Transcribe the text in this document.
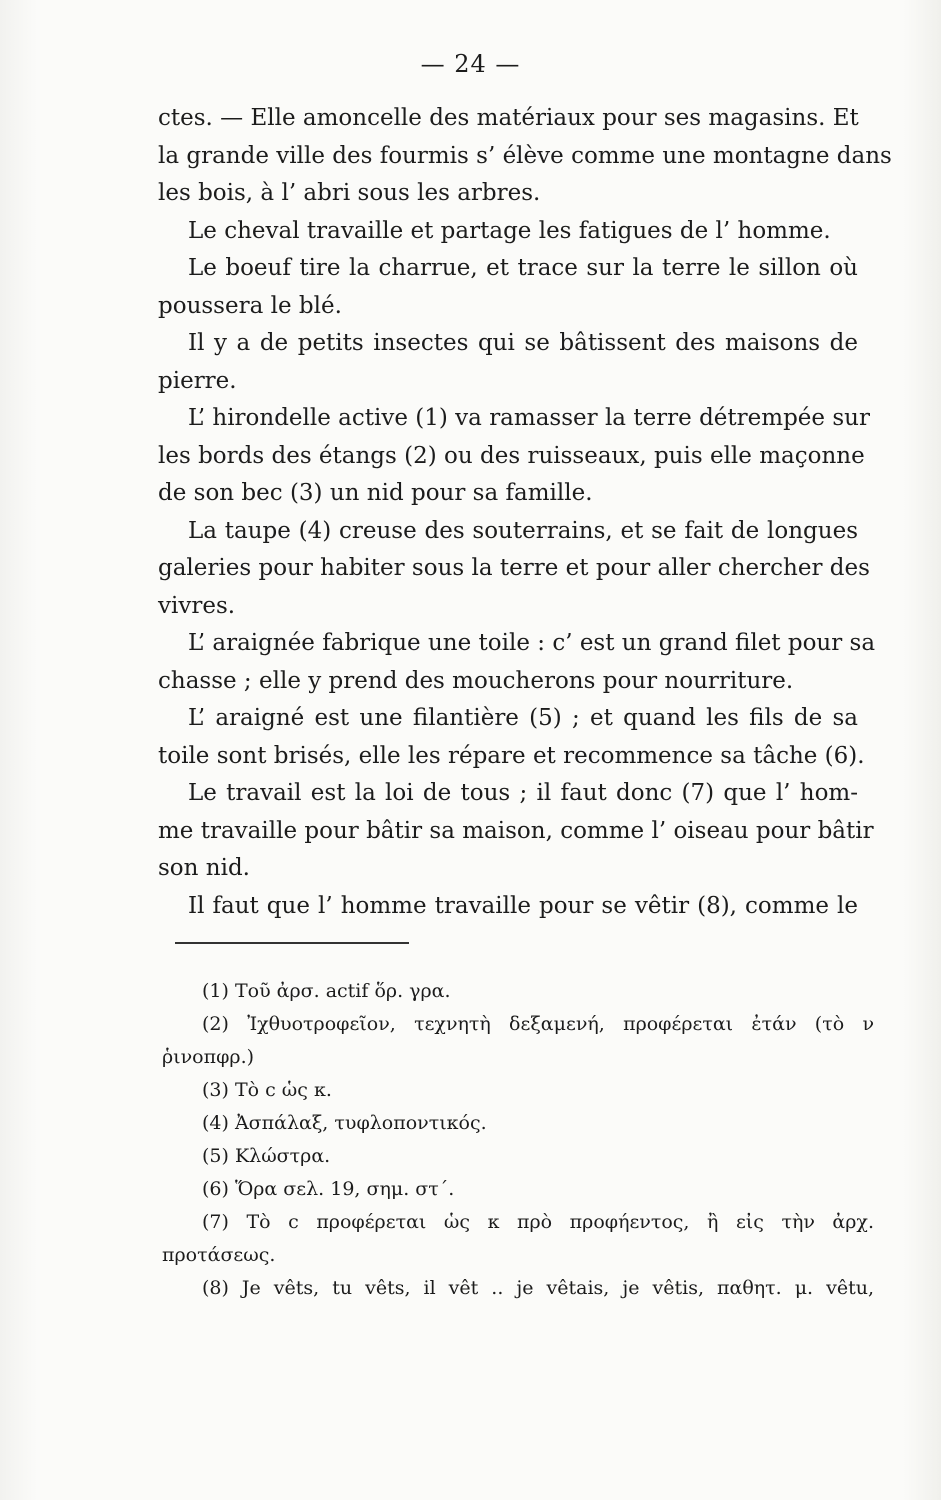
— 24 —
ctes. — Elle amoncelle des matériaux pour ses magasins. Et
la grande ville des fourmis s’ élève comme une montagne dans
les bois, à l’ abri sous les arbres.
Le cheval travaille et partage les fatigues de l’ homme.
Le boeuf tire la charrue, et trace sur la terre le sillon où
poussera le blé.
Il y a de petits insectes qui se bâtissent des maisons de
pierre.
L’ hirondelle active (1) va ramasser la terre détrempée sur
les bords des étangs (2) ou des ruisseaux, puis elle maçonne
de son bec (3) un nid pour sa famille.
La taupe (4) creuse des souterrains, et se fait de longues
galeries pour habiter sous la terre et pour aller chercher des
vivres.
L’ araignée fabrique une toile : c’ est un grand filet pour sa
chasse ; elle y prend des moucherons pour nourriture.
L’ araigné est une filantière (5) ; et quand les fils de sa
toile sont brisés, elle les répare et recommence sa tâche (6).
Le travail est la loi de tous ; il faut donc (7) que l’ hom-
me travaille pour bâtir sa maison, comme l’ oiseau pour bâtir
son nid.
Il faut que l’ homme travaille pour se vêtir (8), comme le
(1) Τοῦ ἀρσ. actif ὅρ. γρα.
(2) Ἰχθυοτροφεῖον, τεχνητὴ δεξαμενή, προφέρεται ἐτάν (τὸ ν
ῥινοπφρ.)
(3) Τὸ c ὡς κ.
(4) Ἀσπάλαξ, τυφλοποντικός.
(5) Κλώστρα.
(6) Ὅρα σελ. 19, σημ. στ΄.
(7) Τὸ c προφέρεται ὡς κ πρὸ προφήεντος, ἢ εἰς τὴν ἀρχ.
προτάσεως.
(8) Je vêts, tu vêts, il vêt .. je vêtais, je vêtis, παθητ. μ. vêtu,
